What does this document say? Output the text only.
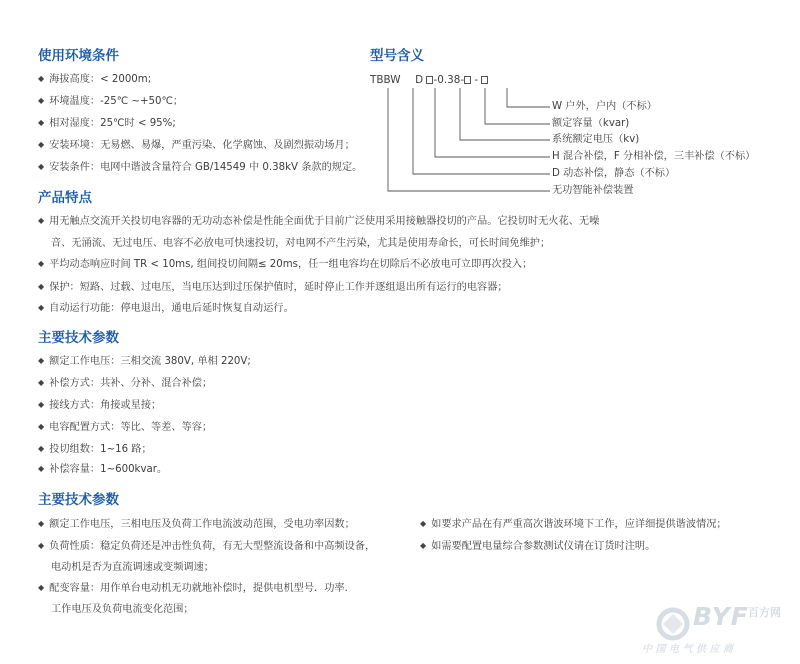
使用环境条件
◆ 海拔高度：< 2000m;
◆ 环境温度：-25℃ ~+50℃；
◆ 相对湿度：25℃时 < 95%;
◆ 安装环境：无易燃、易爆，严重污染、化学腐蚀、及剧烈振动场月；
◆ 安装条件：电网中谐波含量符合 GB/14549 中 0.38kV 条款的规定。
型号含义
TBBW D -0.38- -
W 户外，户内（不标）
额定容量（kvar)
系统额定电压（kv)
H 混合补偿，F 分相补偿，三丰补偿（不标）
D 动态补偿，静态（不标）
无功智能补偿装置
产品特点
◆ 用无触点交流开关投切电容器的无功动态补偿是性能全面优于目前广泛使用采用接触器投切的产品。它投切时无火花、无噪
音、无涌流、无过电压、电容不必放电可快速投切，对电网不产生污染，尤其是使用寿命长，可长时间免维护；
◆ 平均动态响应时间 TR < 10ms, 组间投切间隔≤ 20ms，任一组电容均在切除后不必放电可立即再次投入；
◆ 保护：短路、过载、过电压，当电压达到过压保护值时，延时停止工作并逐组退出所有运行的电容器；
◆ 自动运行功能：停电退出，通电后延时恢复自动运行。
主要技术参数
◆ 额定工作电压：三相交流 380V, 单相 220V;
◆ 补偿方式：共补、分补、混合补偿；
◆ 接线方式：角接或星接；
◆ 电容配置方式：等比、等差、等容；
◆ 投切组数：1~16 路；
◆ 补偿容量：1~600kvar。
主要技术参数
◆ 额定工作电压，三相电压及负荷工作电流波动范围，受电功率因数；
◆ 负荷性质：稳定负荷还是冲击性负荷，有无大型整流设备和中高频设备，
电动机是否为直流调速或变频调速；
◆ 配变容量：用作单台电动机无功就地补偿时，提供电机型号．功率．
工作电压及负荷电流变化范围；
◆ 如要求产品在有严重高次谐波环境下工作，应详细提供谐波情况；
◆ 如需要配置电量综合参数测试仪请在订货时注明。
BYF 百方网
中 国 电 气 供 应 商
